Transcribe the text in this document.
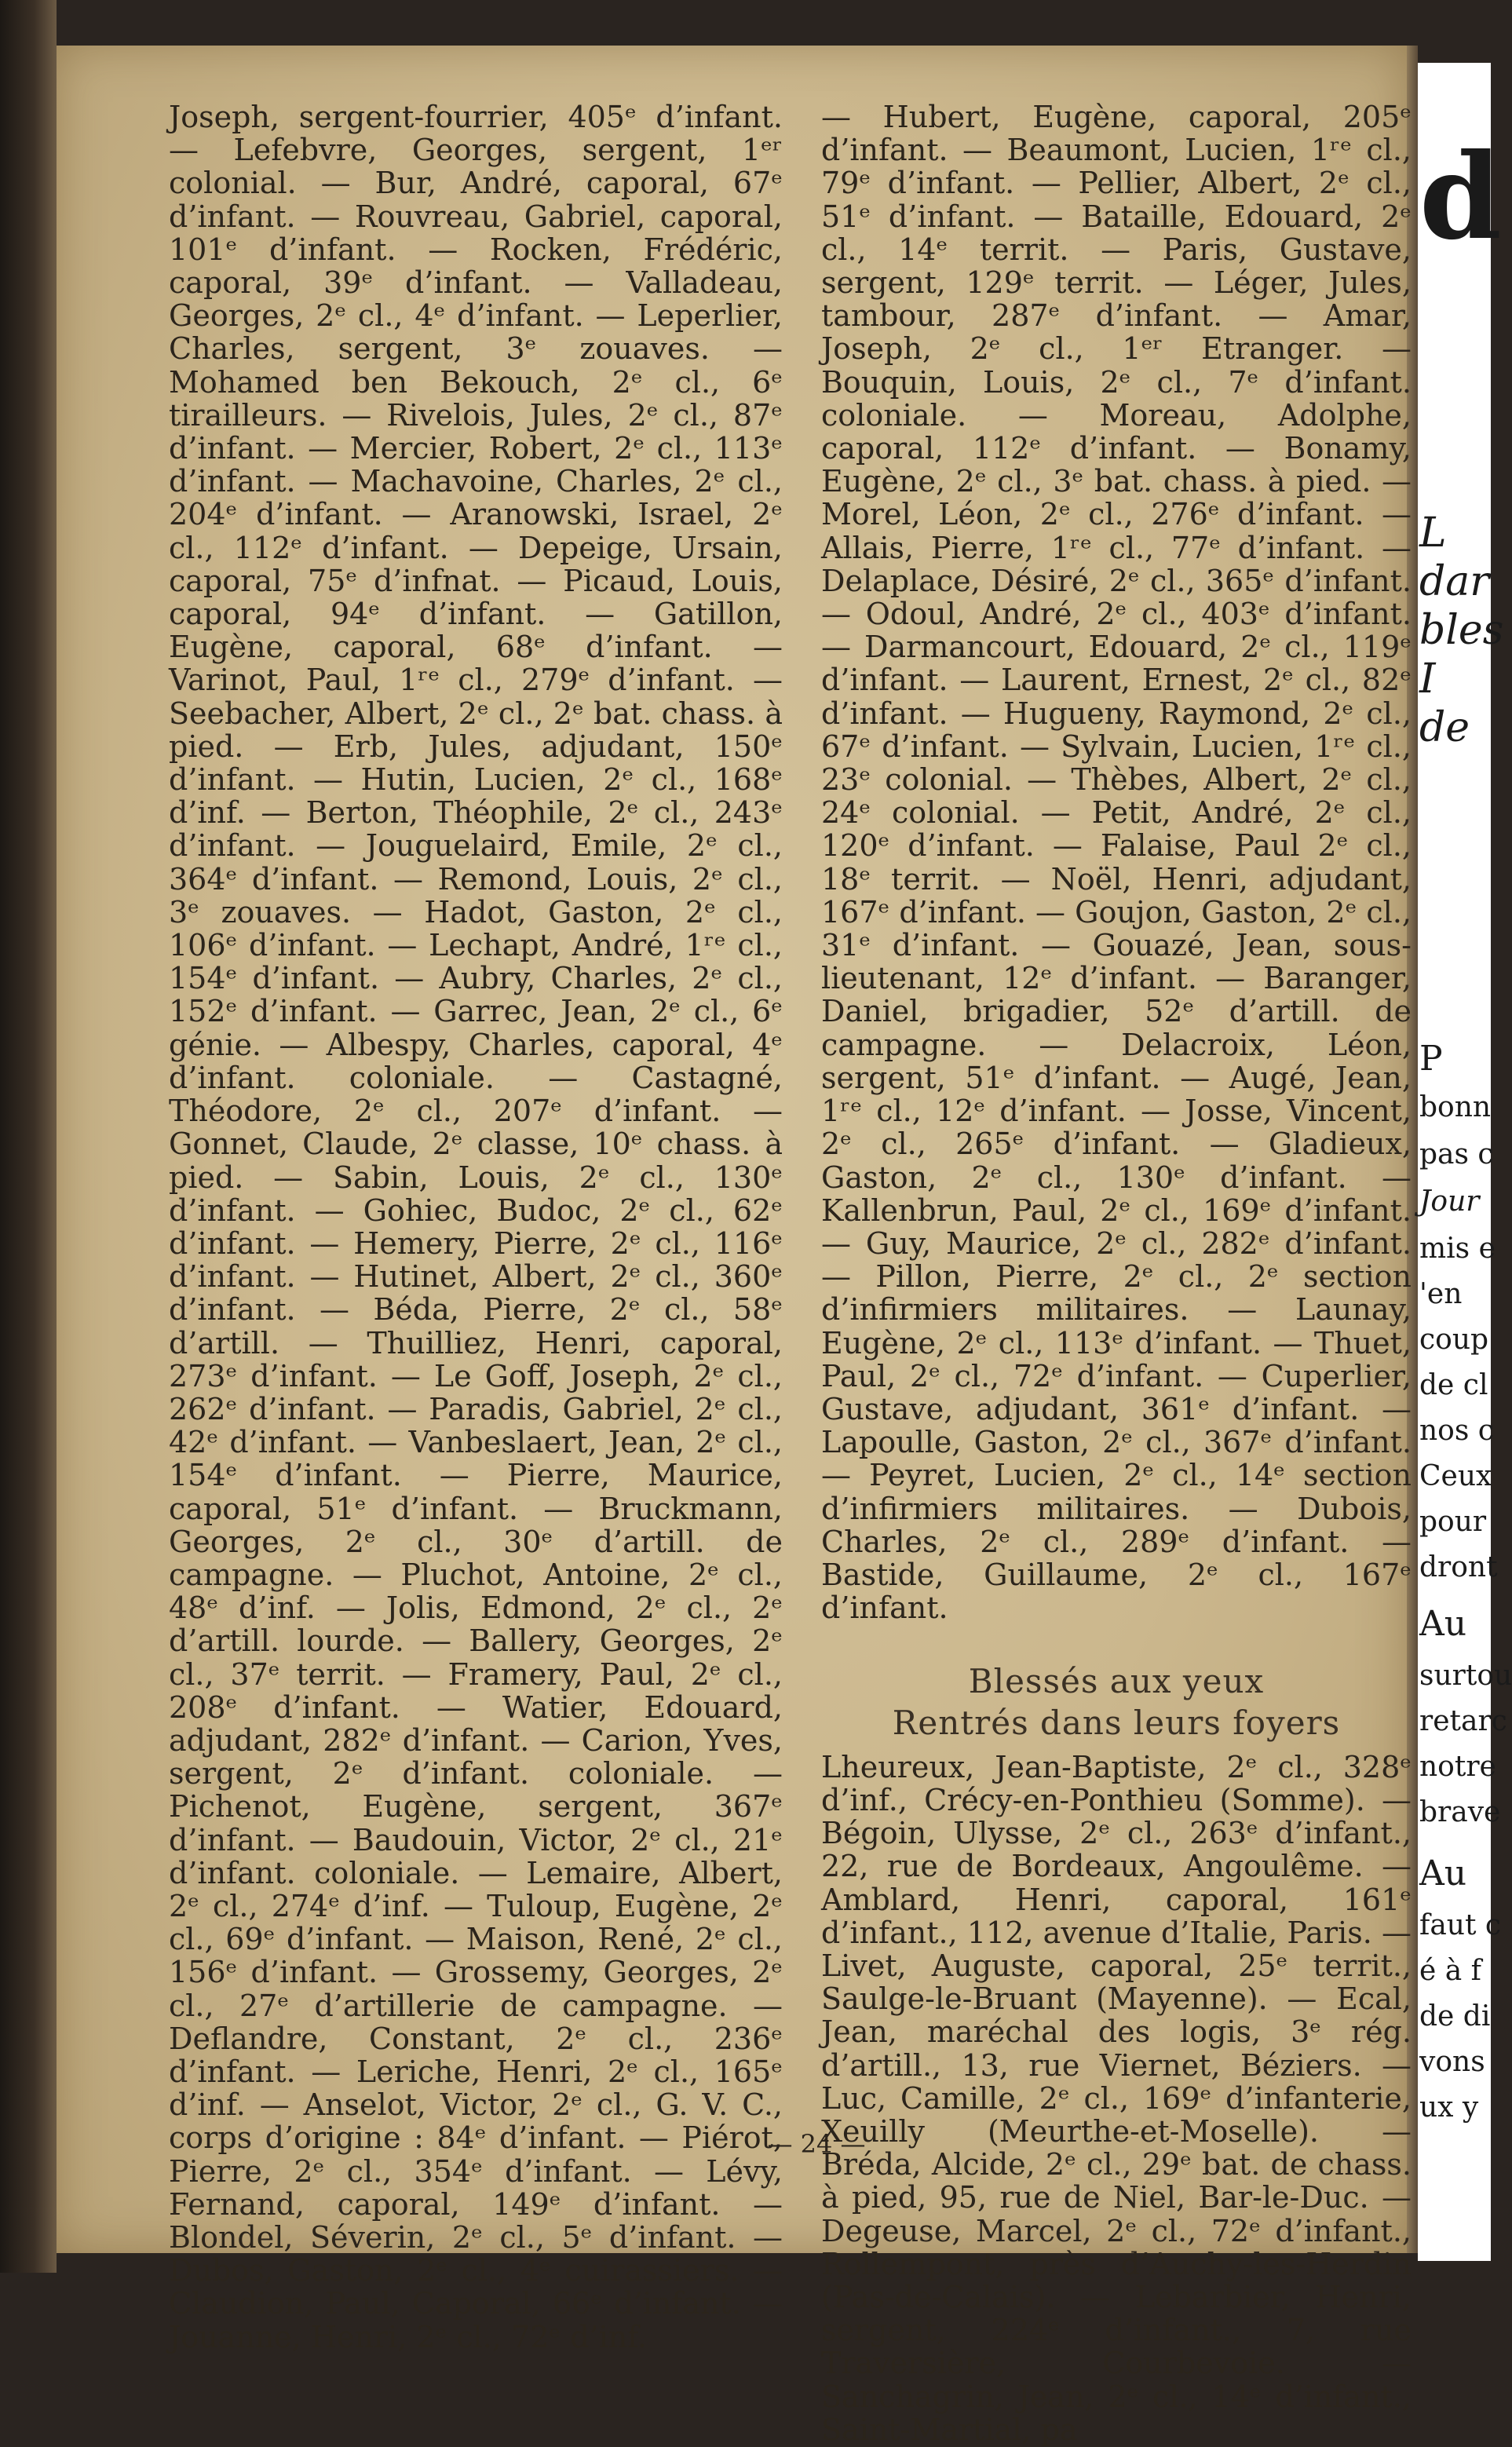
Joseph, sergent-fourrier, 405ᵉ d’infant. — Lefebvre, Georges, sergent, 1ᵉʳ colonial. — Bur, André, caporal, 67ᵉ d’infant. — Rouvreau, Gabriel, caporal, 101ᵉ d’infant. — Rocken, Frédéric, caporal, 39ᵉ d’infant. — Valladeau, Georges, 2ᵉ cl., 4ᵉ d’infant. — Leperlier, Charles, sergent, 3ᵉ zouaves. — Mohamed ben Bekouch, 2ᵉ cl., 6ᵉ tirailleurs. — Rivelois, Jules, 2ᵉ cl., 87ᵉ d’infant. — Mercier, Robert, 2ᵉ cl., 113ᵉ d’infant. — Machavoine, Charles, 2ᵉ cl., 204ᵉ d’infant. — Aranowski, Israel, 2ᵉ cl., 112ᵉ d’infant. — Depeige, Ursain, caporal, 75ᵉ d’infnat. — Picaud, Louis, caporal, 94ᵉ d’infant. — Gatillon, Eugène, caporal, 68ᵉ d’infant. — Varinot, Paul, 1ʳᵉ cl., 279ᵉ d’infant. — Seebacher, Albert, 2ᵉ cl., 2ᵉ bat. chass. à pied. — Erb, Jules, adjudant, 150ᵉ d’infant. — Hutin, Lucien, 2ᵉ cl., 168ᵉ d’inf. — Berton, Théophile, 2ᵉ cl., 243ᵉ d’infant. — Jouguelaird, Emile, 2ᵉ cl., 364ᵉ d’infant. — Remond, Louis, 2ᵉ cl., 3ᵉ zouaves. — Hadot, Gaston, 2ᵉ cl., 106ᵉ d’infant. — Lechapt, André, 1ʳᵉ cl., 154ᵉ d’infant. — Aubry, Charles, 2ᵉ cl., 152ᵉ d’infant. — Garrec, Jean, 2ᵉ cl., 6ᵉ génie. — Albespy, Charles, caporal, 4ᵉ d’infant. coloniale. — Castagné, Théodore, 2ᵉ cl., 207ᵉ d’infant. — Gonnet, Claude, 2ᵉ classe, 10ᵉ chass. à pied. — Sabin, Louis, 2ᵉ cl., 130ᵉ d’infant. — Gohiec, Budoc, 2ᵉ cl., 62ᵉ d’infant. — Hemery, Pierre, 2ᵉ cl., 116ᵉ d’infant. — Hutinet, Albert, 2ᵉ cl., 360ᵉ d’infant. — Béda, Pierre, 2ᵉ cl., 58ᵉ d’artill. — Thuilliez, Henri, caporal, 273ᵉ d’infant. — Le Goff, Joseph, 2ᵉ cl., 262ᵉ d’infant. — Paradis, Gabriel, 2ᵉ cl., 42ᵉ d’infant. — Vanbeslaert, Jean, 2ᵉ cl., 154ᵉ d’infant. — Pierre, Maurice, caporal, 51ᵉ d’infant. — Bruckmann, Georges, 2ᵉ cl., 30ᵉ d’artill. de campagne. — Pluchot, Antoine, 2ᵉ cl., 48ᵉ d’inf. — Jolis, Edmond, 2ᵉ cl., 2ᵉ d’artill. lourde. — Ballery, Georges, 2ᵉ cl., 37ᵉ territ. — Framery, Paul, 2ᵉ cl., 208ᵉ d’infant. — Watier, Edouard, adjudant, 282ᵉ d’infant. — Carion, Yves, sergent, 2ᵉ d’infant. coloniale. — Pichenot, Eugène, sergent, 367ᵉ d’infant. — Baudouin, Victor, 2ᵉ cl., 21ᵉ d’infant. coloniale. — Lemaire, Albert, 2ᵉ cl., 274ᵉ d’inf. — Tuloup, Eugène, 2ᵉ cl., 69ᵉ d’infant. — Maison, René, 2ᵉ cl., 156ᵉ d’infant. — Grossemy, Georges, 2ᵉ cl., 27ᵉ d’artillerie de campagne. — Deflandre, Constant, 2ᵉ cl., 236ᵉ d’infant. — Leriche, Henri, 2ᵉ cl., 165ᵉ d’inf. — Anselot, Victor, 2ᵉ cl., G. V. C., corps d’origine : 84ᵉ d’infant. — Piérot, Pierre, 2ᵉ cl., 354ᵉ d’infant. — Lévy, Fernand, caporal, 149ᵉ d’infant. — Blondel, Séverin, 2ᵉ cl., 5ᵉ d’infant. — Dubos, Gaston, 2ᵉ cl., 4ᵉ cuirassiers. — Claudion, Paul, Caporal, 66ᵉ d’infant. — Jouanne, Henri, 2ᵉ cl., 72ᵉ d’inf.

— Hubert, Eugène, caporal, 205ᵉ d’infant. — Beaumont, Lucien, 1ʳᵉ cl., 79ᵉ d’infant. — Pellier, Albert, 2ᵉ cl., 51ᵉ d’infant. — Bataille, Edouard, 2ᵉ cl., 14ᵉ territ. — Paris, Gustave, sergent, 129ᵉ territ. — Léger, Jules, tambour, 287ᵉ d’infant. — Amar, Joseph, 2ᵉ cl., 1ᵉʳ Etranger. — Bouquin, Louis, 2ᵉ cl., 7ᵉ d’infant. coloniale. — Moreau, Adolphe, caporal, 112ᵉ d’infant. — Bonamy, Eugène, 2ᵉ cl., 3ᵉ bat. chass. à pied. — Morel, Léon, 2ᵉ cl., 276ᵉ d’infant. — Allais, Pierre, 1ʳᵉ cl., 77ᵉ d’infant. — Delaplace, Désiré, 2ᵉ cl., 365ᵉ d’infant. — Odoul, André, 2ᵉ cl., 403ᵉ d’infant. — Darmancourt, Edouard, 2ᵉ cl., 119ᵉ d’infant. — Laurent, Ernest, 2ᵉ cl., 82ᵉ d’infant. — Hugueny, Raymond, 2ᵉ cl., 67ᵉ d’infant. — Sylvain, Lucien, 1ʳᵉ cl., 23ᵉ colonial. — Thèbes, Albert, 2ᵉ cl., 24ᵉ colonial. — Petit, André, 2ᵉ cl., 120ᵉ d’infant. — Falaise, Paul 2ᵉ cl., 18ᵉ territ. — Noël, Henri, adjudant, 167ᵉ d’infant. — Goujon, Gaston, 2ᵉ cl., 31ᵉ d’infant. — Gouazé, Jean, sous-lieutenant, 12ᵉ d’infant. — Baranger, Daniel, brigadier, 52ᵉ d’artill. de campagne. — Delacroix, Léon, sergent, 51ᵉ d’infant. — Augé, Jean, 1ʳᵉ cl., 12ᵉ d’infant. — Josse, Vincent, 2ᵉ cl., 265ᵉ d’infant. — Gladieux, Gaston, 2ᵉ cl., 130ᵉ d’infant. — Kallenbrun, Paul, 2ᵉ cl., 169ᵉ d’infant. — Guy, Maurice, 2ᵉ cl., 282ᵉ d’infant. — Pillon, Pierre, 2ᵉ cl., 2ᵉ section d’infirmiers militaires. — Launay, Eugène, 2ᵉ cl., 113ᵉ d’infant. — Thuet, Paul, 2ᵉ cl., 72ᵉ d’infant. — Cuperlier, Gustave, adjudant, 361ᵉ d’infant. — Lapoulle, Gaston, 2ᵉ cl., 367ᵉ d’infant. — Peyret, Lucien, 2ᵉ cl., 14ᵉ section d’infirmiers militaires. — Dubois, Charles, 2ᵉ cl., 289ᵉ d’infant. — Bastide, Guillaume, 2ᵉ cl., 167ᵉ d’infant.

Blessés aux yeux
Rentrés dans leurs foyers

Lheureux, Jean-Baptiste, 2ᵉ cl., 328ᵉ d’inf., Crécy-en-Ponthieu (Somme). — Bégoin, Ulysse, 2ᵉ cl., 263ᵉ d’infant., 22, rue de Bordeaux, Angoulême. — Amblard, Henri, caporal, 161ᵉ d’infant., 112, avenue d’Italie, Paris. — Livet, Auguste, caporal, 25ᵉ territ., Saulge-le-Bruant (Mayenne). — Ecal, Jean, maréchal des logis, 3ᵉ rég. d’artill., 13, rue Viernet, Béziers. — Luc, Camille, 2ᵉ cl., 169ᵉ d’infanterie, Xeuilly (Meurthe-et-Moselle). — Bréda, Alcide, 2ᵉ cl., 29ᵉ bat. de chass. à pied, 95, rue de Niel, Bar-le-Duc. — Degeuse, Marcel, 2ᵉ cl., 72ᵉ d’infant., Rollempont, près d’Auchy-les-Herdin (Pas-de-Calais). — Lebarbier, Henri, sergent, 224ᵉ d’infant., 7, rue Traversière, Courbevoie. — Sanchagrin, Jean, 2ᵉ cl., 14ᵉ d’infant., Saint-Martial, pa

— 24 —
d
L
dar
bles
I
de
P
bonn
pas c
Jour
mis e
'en
coup
de cl
nos c
Ceux
pour
dront
Au
surtou
retarc
notre
brave
Au
faut c
é à f
de di
vons
ux y
